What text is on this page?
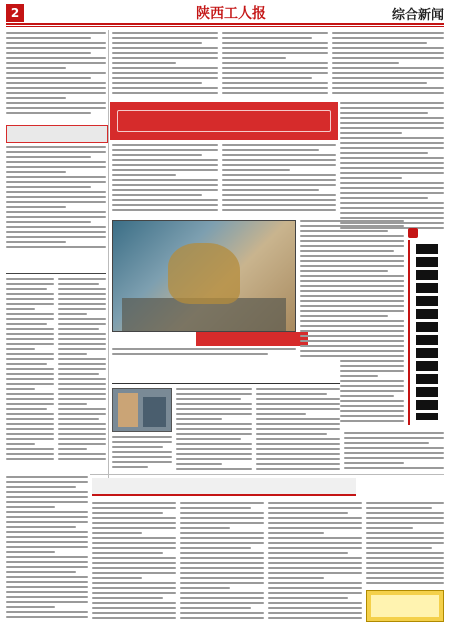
2	陕西工人报	综合新闻
